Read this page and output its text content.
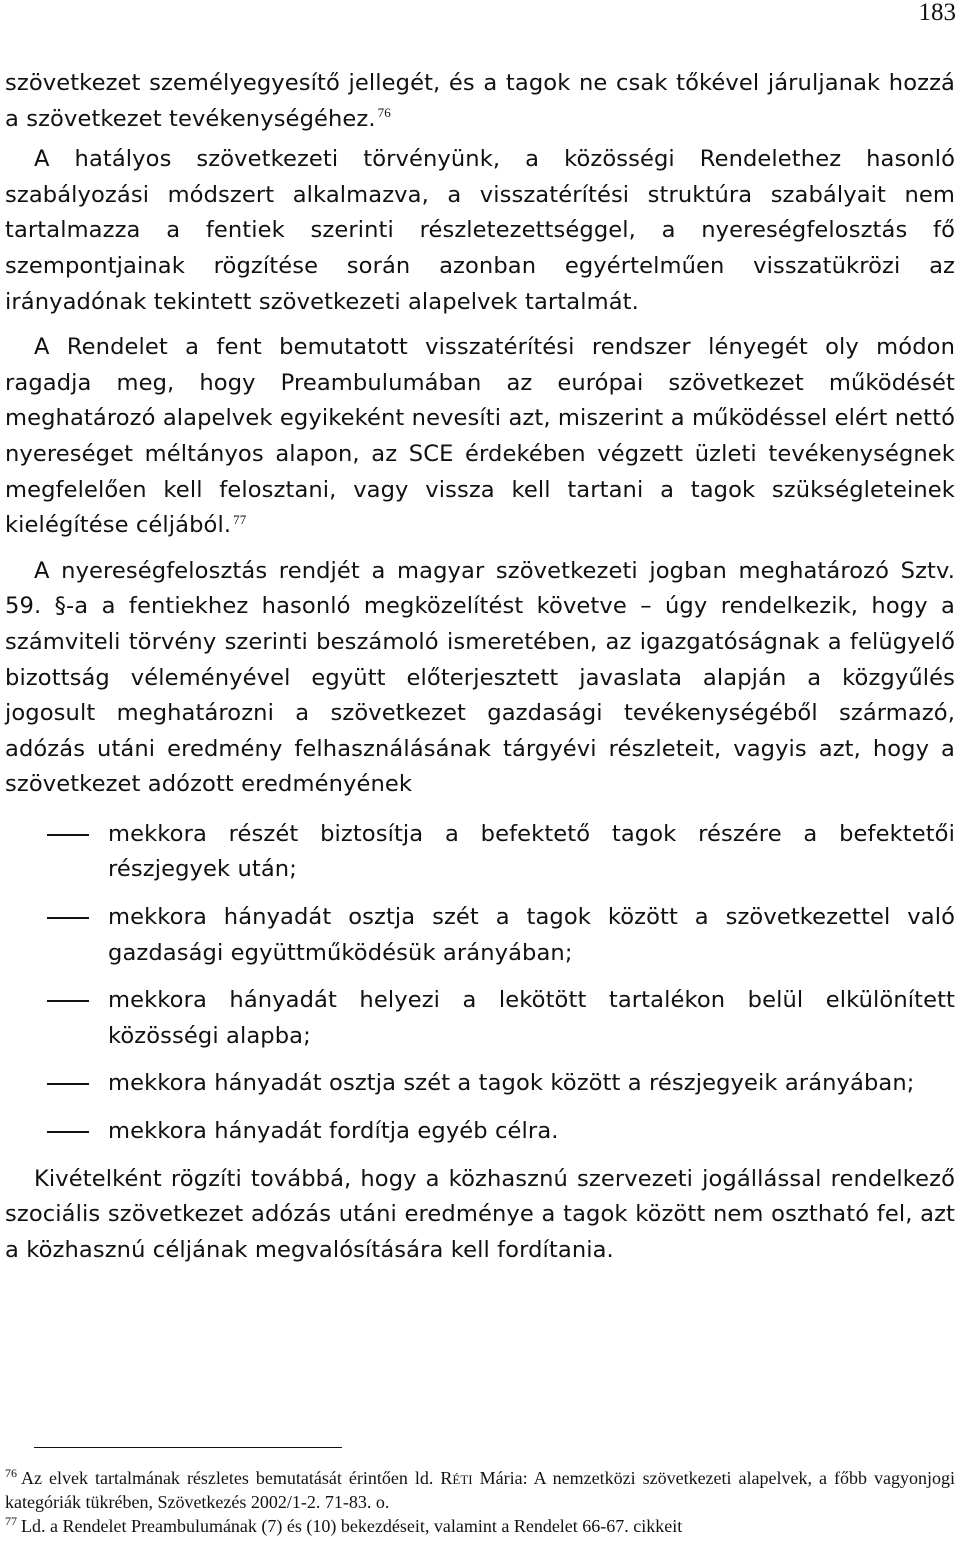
183

szövetkezet személyegyesítő jellegét, és a tagok ne csak tőkével járuljanak hozzá a szövetkezet tevékenységéhez. $^{76}$

A hatályos szövetkezeti törvényünk, a közösségi Rendelethez hasonló szabályozási módszert alkalmazva, a visszatérítési struktúra szabályait nem tartalmazza a fentiek szerinti részletezettséggel, a nyereségfelosztás fő szempontjainak rögzítése során azonban egyértelműen visszatükrözi az irányadónak tekintett szövetkezeti alapelvek tartalmát.

A Rendelet a fent bemutatott visszatérítési rendszer lényegét oly módon ragadja meg, hogy Preambulumában az európai szövetkezet működését meghatározó alapelvek egyikeként nevesíti azt, miszerint a működéssel elért nettó nyereséget méltányos alapon, az SCE érdekében végzett üzleti tevékenységnek megfelelően kell felosztani, vagy vissza kell tartani a tagok szükségleteinek kielégítése céljából. $^{77}$

A nyereségfelosztás rendjét a magyar szövetkezeti jogban meghatározó Sztv. 59. §-a a fentiekhez hasonló megközelítést követve – úgy rendelkezik, hogy a számviteli törvény szerinti beszámoló ismeretében, az igazgatóságnak a felügyelő bizottság véleményével együtt előterjesztett javaslata alapján a közgyűlés jogosult meghatározni a szövetkezet gazdasági tevékenységéből származó, adózás utáni eredmény felhasználásának tárgyévi részleteit, vagyis azt, hogy a szövetkezet adózott eredményének

mekkora részét biztosítja a befektető tagok részére a befektetői részjegyek után;
mekkora hányadát osztja szét a tagok között a szövetkezettel való gazdasági együttműködésük arányában;
mekkora hányadát helyezi a lekötött tartalékon belül elkülönített közösségi alapba;
mekkora hányadát osztja szét a tagok között a részjegyeik arányában;
mekkora hányadát fordítja egyéb célra.

Kivételként rögzíti továbbá, hogy a közhasznú szervezeti jogállással rendelkező szociális szövetkezet adózás utáni eredménye a tagok között nem osztható fel, azt a közhasznú céljának megvalósítására kell fordítania.

$^{76}$ Az elvek tartalmának részletes bemutatását érintően ld. Réti Mária: A nemzetközi szövetkezeti alapelvek, a főbb vagyonjogi kategóriák tükrében, Szövetkezés 2002/1-2. 71-83. o.

$^{77}$ Ld. a Rendelet Preambulumának (7) és (10) bekezdéseit, valamint a Rendelet 66-67. cikkeit
